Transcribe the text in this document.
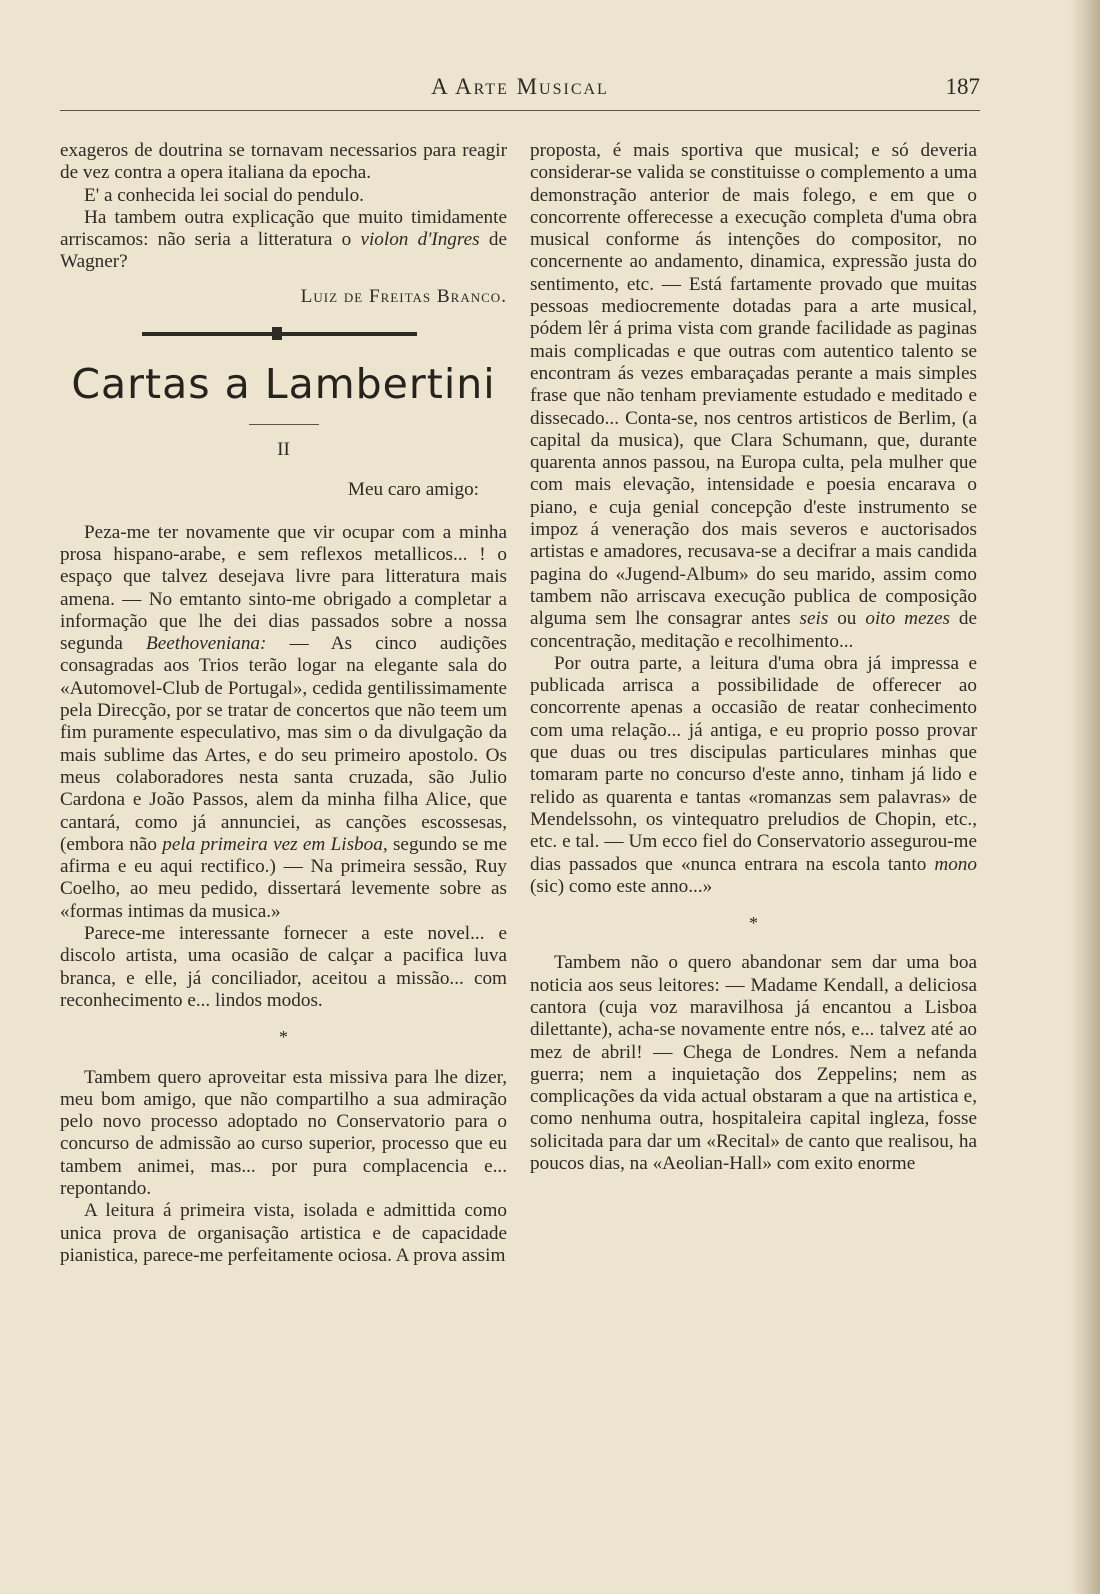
A Arte Musical	187

exageros de doutrina se tornavam necessarios para reagir de vez contra a opera italiana da epocha.

E' a conhecida lei social do pendulo.

Ha tambem outra explicação que muito timidamente arriscamos: não seria a litteratura o violon d'Ingres de Wagner?

Luiz de Freitas Branco.

Cartas a Lambertini

II

Meu caro amigo:

Peza-me ter novamente que vir ocupar com a minha prosa hispano-arabe, e sem reflexos metallicos... ! o espaço que talvez desejava livre para litteratura mais amena. — No emtanto sinto-me obrigado a completar a informação que lhe dei dias passados sobre a nossa segunda Beethoveniana: — As cinco audições consagradas aos Trios terão logar na elegante sala do «Automovel-Club de Portugal», cedida gentilissimamente pela Direcção, por se tratar de concertos que não teem um fim puramente especulativo, mas sim o da divulgação da mais sublime das Artes, e do seu primeiro apostolo. Os meus colaboradores nesta santa cruzada, são Julio Cardona e João Passos, alem da minha filha Alice, que cantará, como já annunciei, as canções escossesas, (embora não pela primeira vez em Lisboa, segundo se me afirma e eu aqui rectifico.) — Na primeira sessão, Ruy Coelho, ao meu pedido, dissertará levemente sobre as «formas intimas da musica.»

Parece-me interessante fornecer a este novel... e discolo artista, uma ocasião de calçar a pacifica luva branca, e elle, já conciliador, aceitou a missão... com reconhecimento e... lindos modos.

*

Tambem quero aproveitar esta missiva para lhe dizer, meu bom amigo, que não compartilho a sua admiração pelo novo processo adoptado no Conservatorio para o concurso de admissão ao curso superior, processo que eu tambem animei, mas... por pura complacencia e... repontando.

A leitura á primeira vista, isolada e admittida como unica prova de organisação artistica e de capacidade pianistica, parece-me perfeitamente ociosa. A prova assim

proposta, é mais sportiva que musical; e só deveria considerar-se valida se constituisse o complemento a uma demonstração anterior de mais folego, e em que o concorrente offerecesse a execução completa d'uma obra musical conforme ás intenções do compositor, no concernente ao andamento, dinamica, expressão justa do sentimento, etc. — Está fartamente provado que muitas pessoas mediocremente dotadas para a arte musical, pódem lêr á prima vista com grande facilidade as paginas mais complicadas e que outras com autentico talento se encontram ás vezes embaraçadas perante a mais simples frase que não tenham previamente estudado e meditado e dissecado... Conta-se, nos centros artisticos de Berlim, (a capital da musica), que Clara Schumann, que, durante quarenta annos passou, na Europa culta, pela mulher que com mais elevação, intensidade e poesia encarava o piano, e cuja genial concepção d'este instrumento se impoz á veneração dos mais severos e auctorisados artistas e amadores, recusava-se a decifrar a mais candida pagina do «Jugend-Album» do seu marido, assim como tambem não arriscava execução publica de composição alguma sem lhe consagrar antes seis ou oito mezes de concentração, meditação e recolhimento...

Por outra parte, a leitura d'uma obra já impressa e publicada arrisca a possibilidade de offerecer ao concorrente apenas a occasião de reatar conhecimento com uma relação... já antiga, e eu proprio posso provar que duas ou tres discipulas particulares minhas que tomaram parte no concurso d'este anno, tinham já lido e relido as quarenta e tantas «romanzas sem palavras» de Mendelssohn, os vintequatro preludios de Chopin, etc., etc. e tal. — Um ecco fiel do Conservatorio assegurou-me dias passados que «nunca entrara na escola tanto mono (sic) como este anno...»

*

Tambem não o quero abandonar sem dar uma boa noticia aos seus leitores: — Madame Kendall, a deliciosa cantora (cuja voz maravilhosa já encantou a Lisboa dilettante), acha-se novamente entre nós, e... talvez até ao mez de abril! — Chega de Londres. Nem a nefanda guerra; nem a inquietação dos Zeppelins; nem as complicações da vida actual obstaram a que na artistica e, como nenhuma outra, hospitaleira capital ingleza, fosse solicitada para dar um «Recital» de canto que realisou, ha poucos dias, na «Aeolian-Hall» com exito enorme
